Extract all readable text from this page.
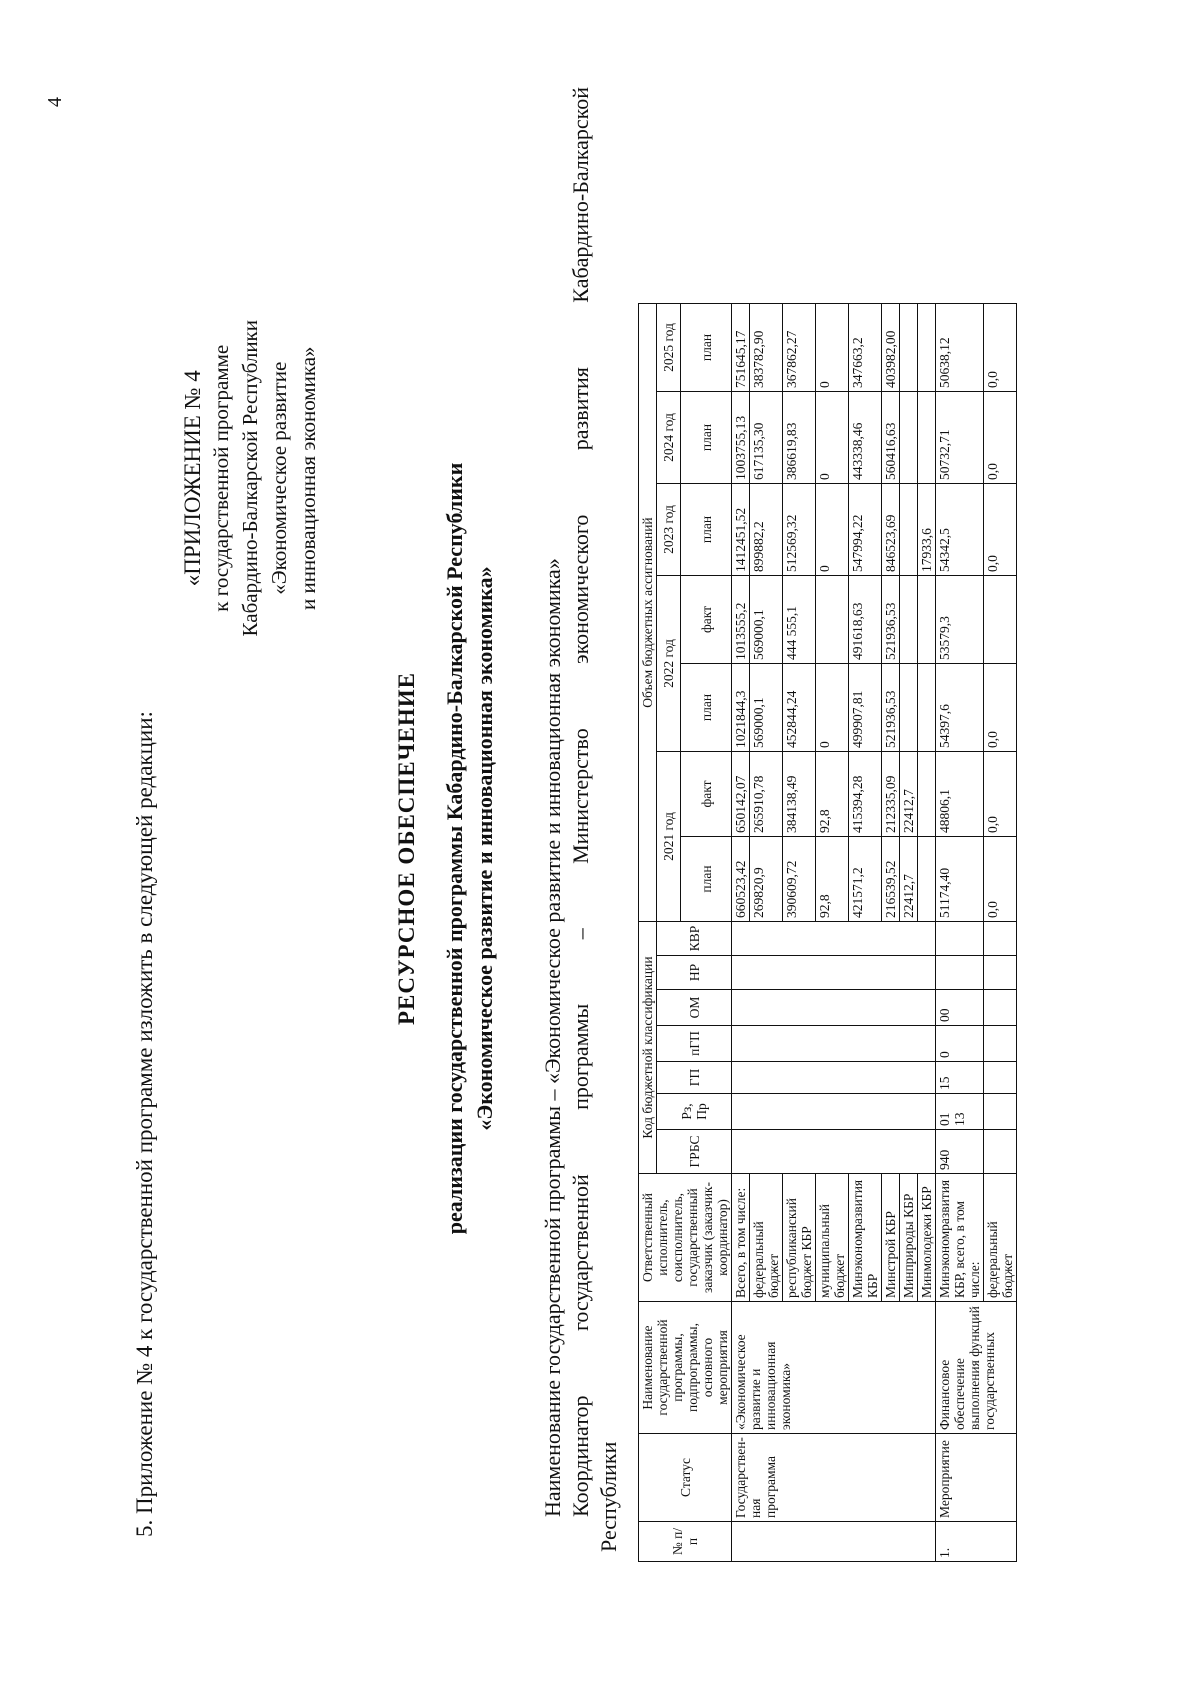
4
5. Приложение № 4 к государственной программе изложить в следующей редакции:
«ПРИЛОЖЕНИЕ № 4 к государственной программе Кабардино-Балкарской Республики «Экономическое развитие и инновационная экономика»
РЕСУРСНОЕ ОБЕСПЕЧЕНИЕ реализации государственной программы Кабардино-Балкарской Республики «Экономическое развитие и инновационная экономика» Наименование государственной программы – «Экономическое развитие и инновационная экономика» Координатор государственной программы – Министерство экономического развития Кабардино-Балкарской Республики	№ п/п	Статус	Наименование государственной программы, подпрограммы, основного мероприятия	Ответственный исполнитель, соисполнитель, государственный заказчик (заказчик-координатор)	Код бюджетной классификации							Объем бюджетных ассигнований						
				ГРБС	Рз, Пр	ГП	пГП	ОМ	НР	КВР	2021 год		2022 год		2023 год	2024 год	2025 год
											план	факт	план	факт	план	план	план
	Государствен-ная программа	«Экономическое развитие и инновационная экономика»	Всего, в том числе:								660523,42	650142,07	1021844,3	1013555,2	1412451,52	1003755,13	751645,17
			федеральный бюджет								269820,9	265910,78	569000,1	569000,1	899882,2	617135,30	383782,90
			республиканский бюджет КБР								390609,72	384138,49	452844,24	444 555,1	512569,32	386619,83	367862,27
			муниципальный бюджет								92,8	92,8	0		0	0	0
			Минэкономразвития КБР								421571,2	415394,28	499907,81	491618,63	547994,22	443338,46	347663,2
			Минстрой КБР								216539,52	212335,09	521936,53	521936,53	846523,69	560416,63	403982,00
			Минприроды КБР								22412,7	22412,7					
			Минмолодежи КБР												17933,6		
1.	Мероприятие	Финансовое обеспечение выполнения функций государственных	Минэкономразвития КБР, всего, в том числе:	940	01 13	15	0	00			51174,40	48806,1	54397,6	53579,3	54342,5	50732,71	50638,12
			федеральный бюджет								0,0	0,0	0,0		0,0	0,0	0,0
